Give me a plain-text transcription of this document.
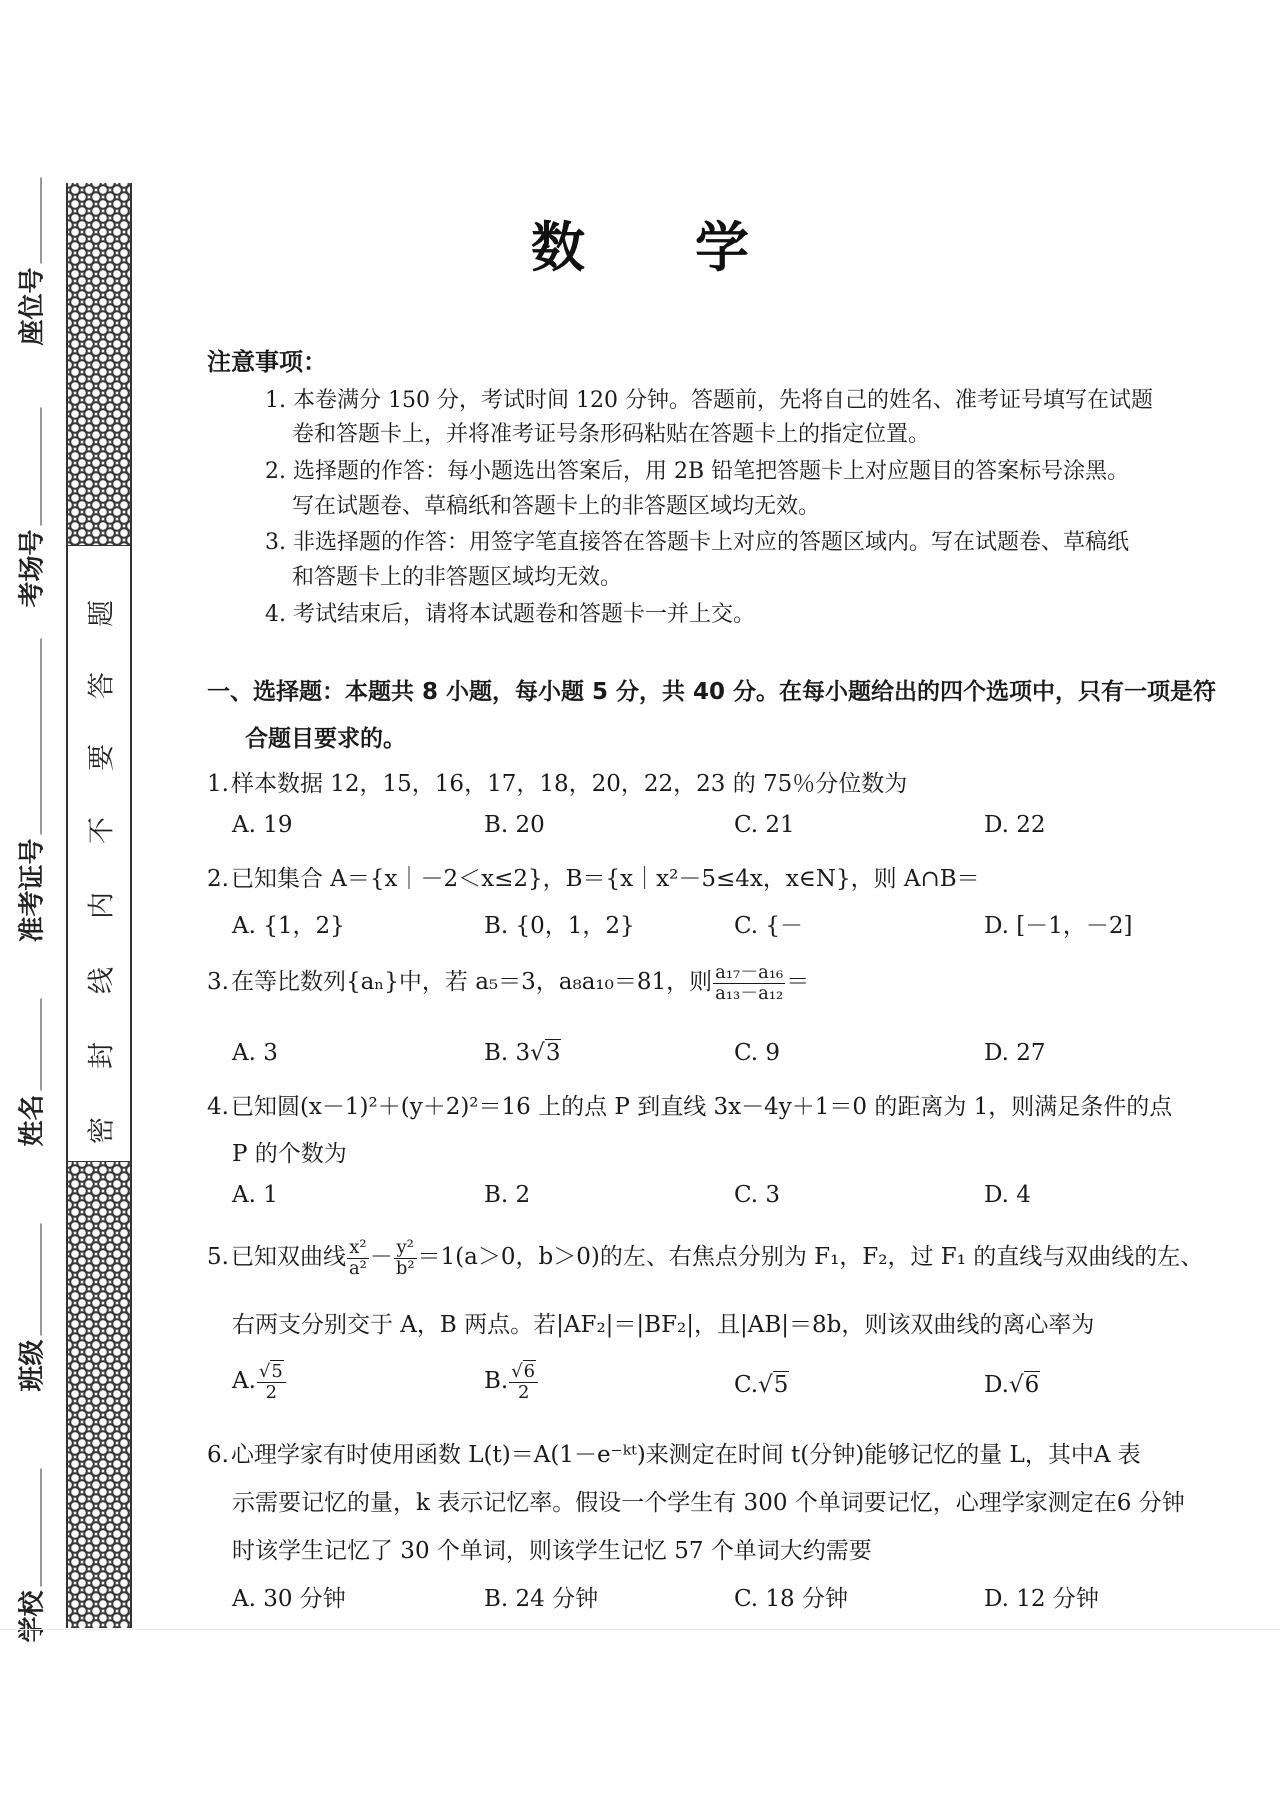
座位号
考场号
准考证号
姓名
班级
学校
密
封
线
内
不
要
答
题
数学
注意事项：
1. 本卷满分 150 分，考试时间 120 分钟。答题前，先将自己的姓名、准考证号填写在试题
卷和答题卡上，并将准考证号条形码粘贴在答题卡上的指定位置。
2. 选择题的作答：每小题选出答案后，用 2B 铅笔把答题卡上对应题目的答案标号涂黑。
写在试题卷、草稿纸和答题卡上的非答题区域均无效。
3. 非选择题的作答：用签字笔直接答在答题卡上对应的答题区域内。写在试题卷、草稿纸
和答题卡上的非答题区域均无效。
4. 考试结束后，请将本试题卷和答题卡一并上交。
一、选择题：本题共 8 小题，每小题 5 分，共 40 分。在每小题给出的四个选项中，只有一项是符
合题目要求的。
1.样本数据 12，15，16，17，18，20，22，23 的 75％分位数为
A. 19	B. 20	C. 21	D. 22
2.已知集合 A＝{x｜－2＜x≤2}，B＝{x｜x²－5≤4x，x∈N}，则 A∩B＝
A. {1，2}	B. {0，1，2}	C. {－	D. [－1，－2]
3.在等比数列{aₙ}中，若 a₅＝3，a₈a₁₀＝81，则 $\frac{\text{a₁₇－a₁₆}}{\text{a₁₃－a₁₂}}$ ＝
A. 3	B. 3√3	C. 9	D. 27
4.已知圆(x－1)²＋(y＋2)²＝16 上的点 P 到直线 3x－4y＋1＝0 的距离为 1，则满足条件的点
P 的个数为
A. 1	B. 2	C. 3	D. 4
5.已知双曲线 $\frac{\text{x²}}{\text{a²}} - \frac{\text{y²}}{\text{b²}} =1(a>0$，b＞0)的左、右焦点分别为 F₁，F₂，过 F₁ 的直线与双曲线的左、
右两支分别交于 A，B 两点。若|AF₂|＝|BF₂|，且|AB|＝8b，则该双曲线的离心率为
A. $\frac{√5}{2}$	B. $\frac{√6}{2}$	C.√5	D.√6
6.心理学家有时使用函数 L(t)＝A(1－e⁻ᵏᵗ)来测定在时间 t(分钟)能够记忆的量 L，其中A 表
示需要记忆的量，k 表示记忆率。假设一个学生有 300 个单词要记忆，心理学家测定在6 分钟
时该学生记忆了 30 个单词，则该学生记忆 57 个单词大约需要
A. 30 分钟	B. 24 分钟	C. 18 分钟	D. 12 分钟
